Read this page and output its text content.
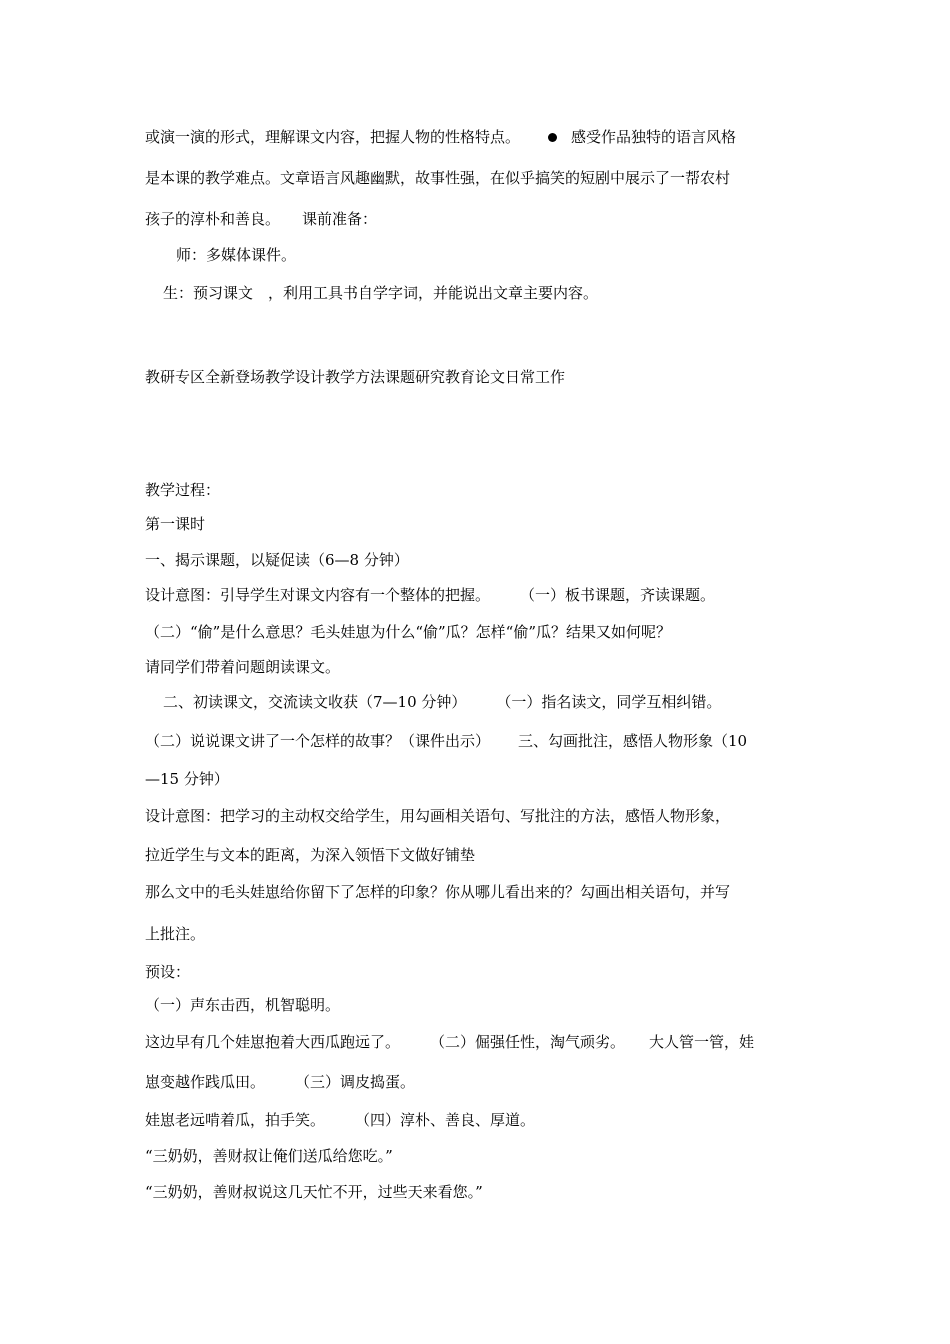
或演一演的形式，理解课文内容，把握人物的性格特点。	感受作品独特的语言风格
是本课的教学难点。文章语言风趣幽默，故事性强，在似乎搞笑的短剧中展示了一帮农村
孩子的淳朴和善良。 课前准备：
师：多媒体课件。
生：预习课文　，利用工具书自学字词，并能说出文章主要内容。
教研专区全新登场教学设计教学方法课题研究教育论文日常工作
教学过程：
第一课时
一、揭示课题，以疑促读（6—8 分钟）
设计意图：引导学生对课文内容有一个整体的把握。 （一）板书课题，齐读课题。
（二）“偷”是什么意思？毛头娃崽为什么“偷”瓜？怎样“偷”瓜？结果又如何呢？
请同学们带着问题朗读课文。
二、初读课文，交流读文收获（7—10 分钟） （一）指名读文，同学互相纠错。
（二）说说课文讲了一个怎样的故事？（课件出示） 三、勾画批注，感悟人物形象（10
—15 分钟）
设计意图：把学习的主动权交给学生，用勾画相关语句、写批注的方法，感悟人物形象，
拉近学生与文本的距离，为深入领悟下文做好铺垫
那么文中的毛头娃崽给你留下了怎样的印象？你从哪儿看出来的？勾画出相关语句，并写
上批注。
预设：
（一）声东击西，机智聪明。
这边早有几个娃崽抱着大西瓜跑远了。 （二）倔强任性，淘气顽劣。 大人管一管，娃
崽变越作践瓜田。 （三）调皮捣蛋。
娃崽老远啃着瓜，拍手笑。 （四）淳朴、善良、厚道。
“三奶奶，善财叔让俺们送瓜给您吃。”
“三奶奶，善财叔说这几天忙不开，过些天来看您。”
